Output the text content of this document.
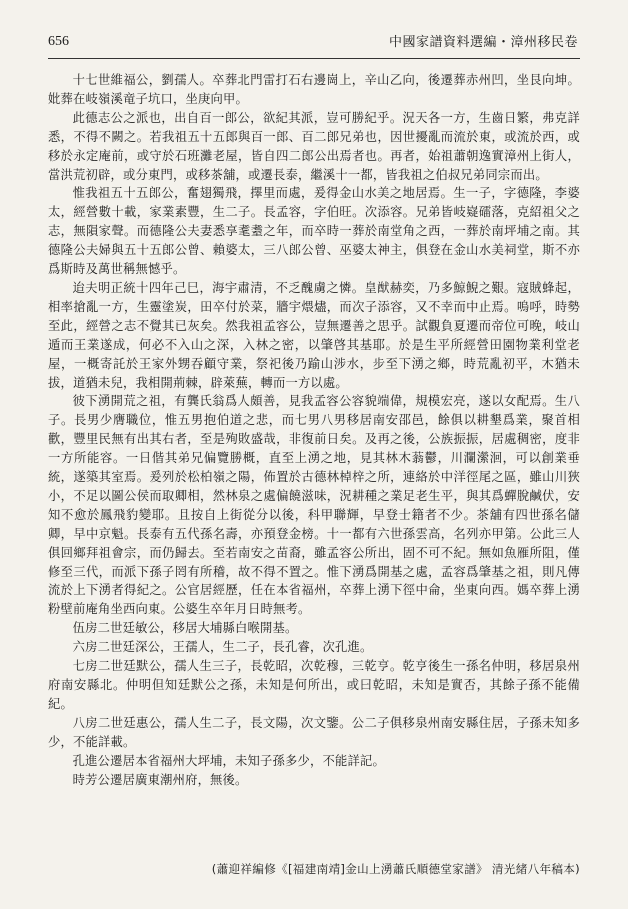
656	中國家譜資料選編・漳州移民卷

十七世維福公，劉孺人。卒葬北門雷打石右邊崗上，辛山乙向，後遷葬赤州凹，坐艮向坤。妣葬在岐嶺溪竜子坑口，坐庚向甲。

此德志公之派也，出自百一郎公，欲紀其派，豈可勝紀乎。況天各一方，生齒日繁，弗克詳悉，不得不闕之。若我祖五十五郎與百一郎、百二郎兄弟也，因世擾亂而流於東，或流於西，或移於永定庵前，或守於石班灘老屋，皆自四二郎公出焉者也。再者，始祖蕭朝逸實漳州上街人，當洪荒初辟，或分東門，或移茶舖，或遷長泰，繼溪十一都，皆我祖之伯叔兄弟同宗而出。

惟我祖五十五郎公，奮翅獨飛，擇里而處，爰得金山水美之地居焉。生一子，字德隆，李婆太，經營數十載，家業素豐，生二子。長孟容，字伯旺。次添容。兄弟皆岐嶷礌落，克紹祖父之志，無隕家聲。而德隆公夫妻悉享耄耋之年，而卒時一葬於南堂角之西，一葬於南坪埔之南。其德隆公夫婦與五十五郎公曾、賴婆太，三八郎公曾、巫婆太神主，俱登在金山水美祠堂，斯不亦爲斯時及萬世稱無憾乎。

迨夫明正統十四年己巳，海宇肅清，不乏醜虜之憐。皇猷赫奕，乃多鯨鯢之艱。寇賊蜂起，相率搶亂一方，生靈塗炭，田卒付於菜，牆宇煨燼，而次子添容，又不幸而中止焉。嗚呼，時勢至此，經營之志不覺其已灰矣。然我祖孟容公，豈無遷善之思乎。試觀負夏遷而帝位可晚，岐山遁而王業遂成，何必不入山之深，入林之密，以肇啓其基耶。於是生平所經營田園物業利堂老屋，一概寄託於王家外甥吞顧守業，祭祀後乃踰山涉水，步至下湧之鄉，時荒亂初平，木猶未拔，道猶未兒，我相開荊棘，辟萊蕪，轉而一方以處。

彼下湧開荒之祖，有龔氏翁爲人頗善，見我孟容公容貌端偉，規模宏亮，遂以女配焉。生八子。長男少膺職位，惟五男抱伯道之悲，而七男八男移居南安邵邑，餘俱以耕墾爲業，聚首相歡，豐里民無有出其右者，至是殉敗盛哉，非復前日矣。及再之後，公族振振，居處稠密，度非一方所能容。一日偕其弟兄偏覽勝概，直至上湧之地，見其林木蓊鬱，川瀾瀠洄，可以創業垂統，遂築其室焉。爰列於松柏嶺之陽，佈置於古德林棹梓之所，連絡於中洋徑尾之區，雖山川狹小，不足以圖公侯而取卿相，然林泉之處偏饒滋味，況耕種之業足老生平，與其爲蟬脫鹹伏，安知不愈於鳳飛豹變耶。且按自上街從分以後，科甲聯輝，早登士籍者不少。茶舖有四世孫名儲卿，早中京魁。長泰有五代孫名壽，亦預登金榜。十一都有六世孫雲高，名列亦甲第。公此三人俱回鄉拜祖會宗，而仍歸去。至若南安之苗裔，雖孟容公所出，固不可不紀。無如魚雁所阻，僅修至三代，而派下孫子罔有所稽，故不得不置之。惟下湧爲開基之處，孟容爲肇基之祖，則凡傳流於上下湧者得紀之。公官居經歷，任在本省福州，卒葬上湧下徑中侖，坐東向西。媽卒葬上湧粉壁前庵角坐西向東。公婆生卒年月日時無考。

伍房二世廷敏公，移居大埔縣白喉開基。

六房二世廷深公，王孺人，生二子，長孔睿，次孔進。

七房二世廷默公，孺人生三子，長乾昭，次乾穆，三乾亨。乾亨後生一孫名仲明，移居泉州府南安縣北。仲明但知廷默公之孫，未知是何所出，或曰乾昭，未知是實否，其餘子孫不能備紀。

八房二世廷惠公，孺人生二子，長文陽，次文鑒。公二子俱移泉州南安縣住居，子孫未知多少，不能詳載。

孔進公遷居本省福州大坪埔，未知子孫多少，不能詳記。

時芳公遷居廣東潮州府，無後。

(蕭迎祥編修《[福建南靖]金山上湧蕭氏順德堂家譜》 清光緒八年稿本)
